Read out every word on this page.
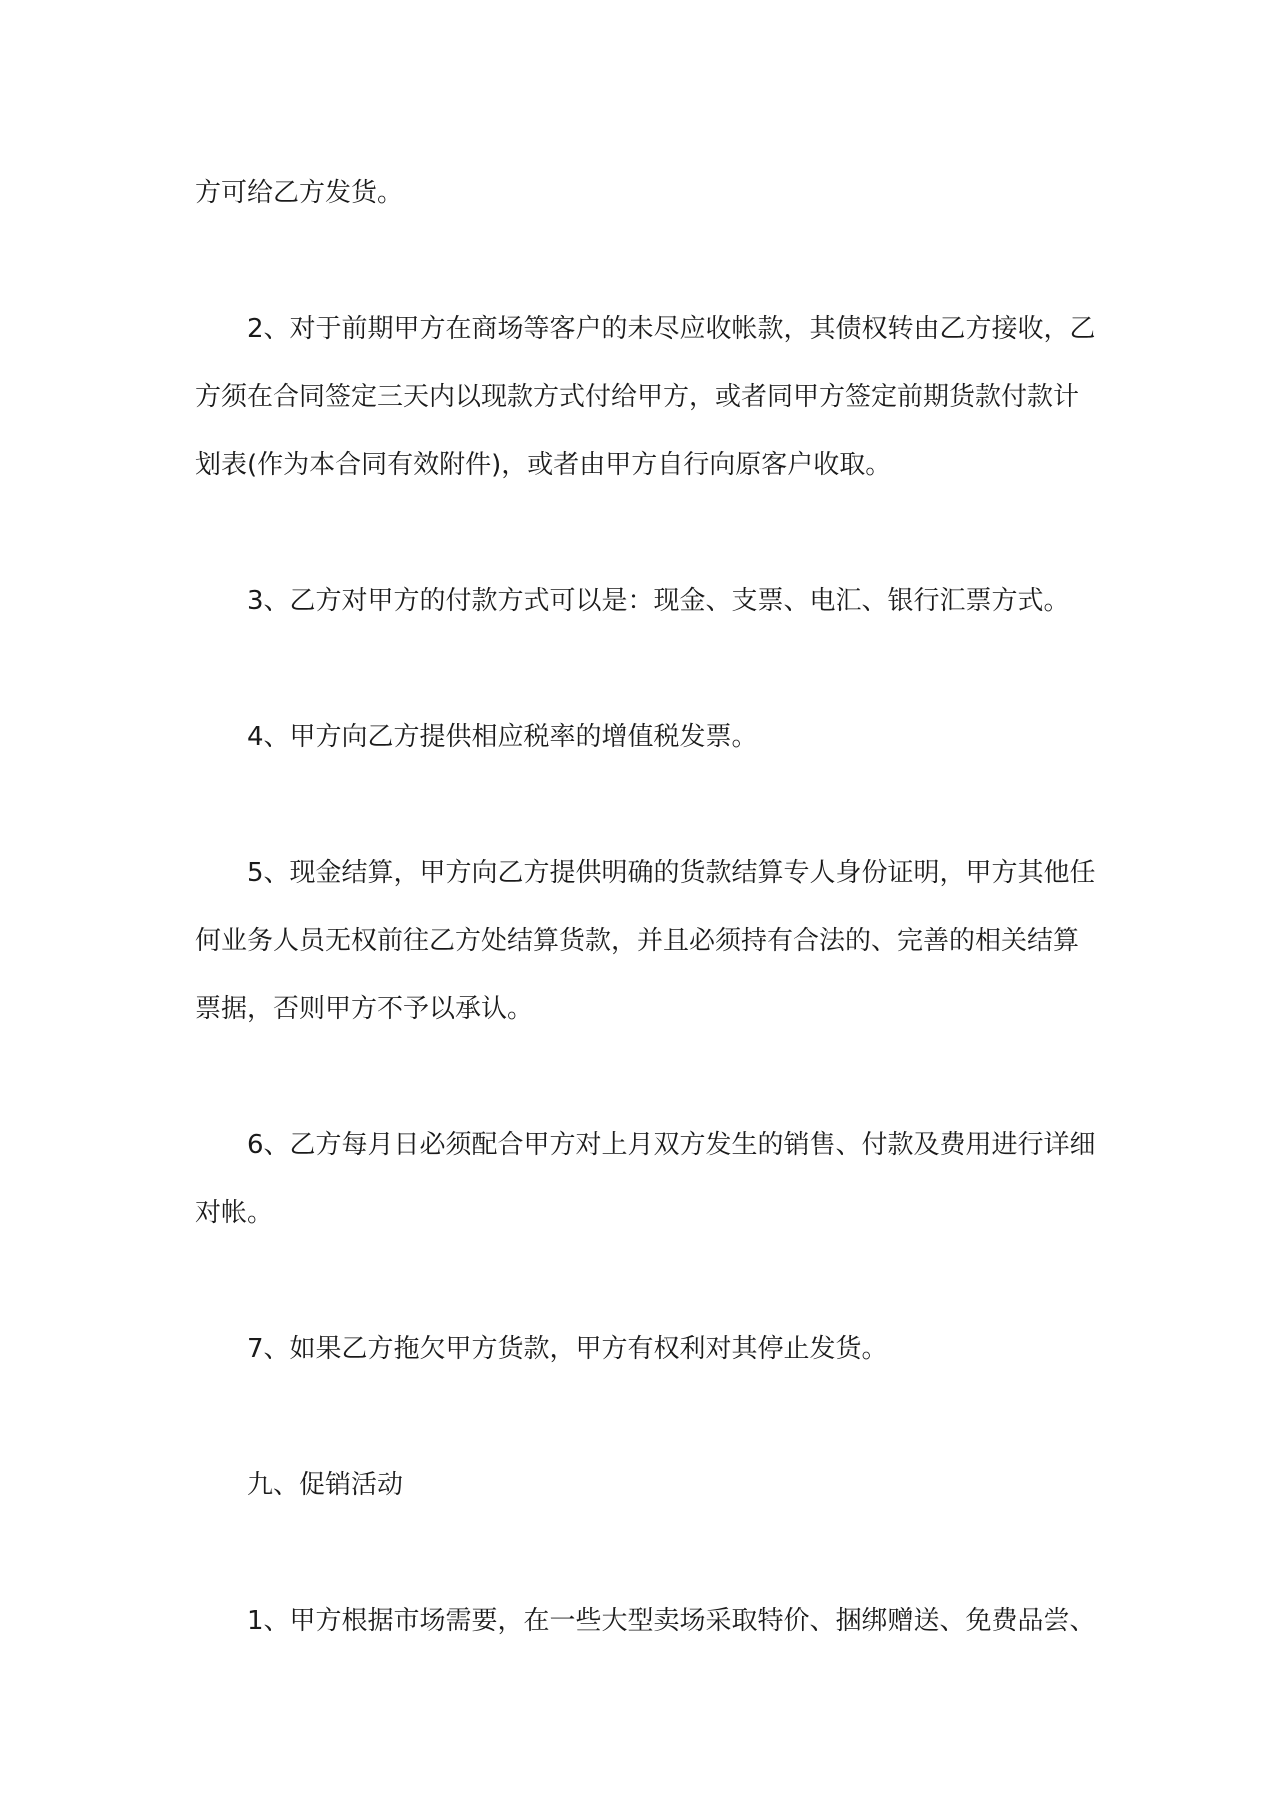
方可给乙方发货。

2、对于前期甲方在商场等客户的未尽应收帐款，其债权转由乙方接收，乙
方须在合同签定三天内以现款方式付给甲方，或者同甲方签定前期货款付款计
划表(作为本合同有效附件)，或者由甲方自行向原客户收取。

3、乙方对甲方的付款方式可以是：现金、支票、电汇、银行汇票方式。

4、甲方向乙方提供相应税率的增值税发票。

5、现金结算，甲方向乙方提供明确的货款结算专人身份证明，甲方其他任
何业务人员无权前往乙方处结算货款，并且必须持有合法的、完善的相关结算
票据，否则甲方不予以承认。

6、乙方每月日必须配合甲方对上月双方发生的销售、付款及费用进行详细
对帐。

7、如果乙方拖欠甲方货款，甲方有权利对其停止发货。

九、促销活动

1、甲方根据市场需要，在一些大型卖场采取特价、捆绑赠送、免费品尝、
